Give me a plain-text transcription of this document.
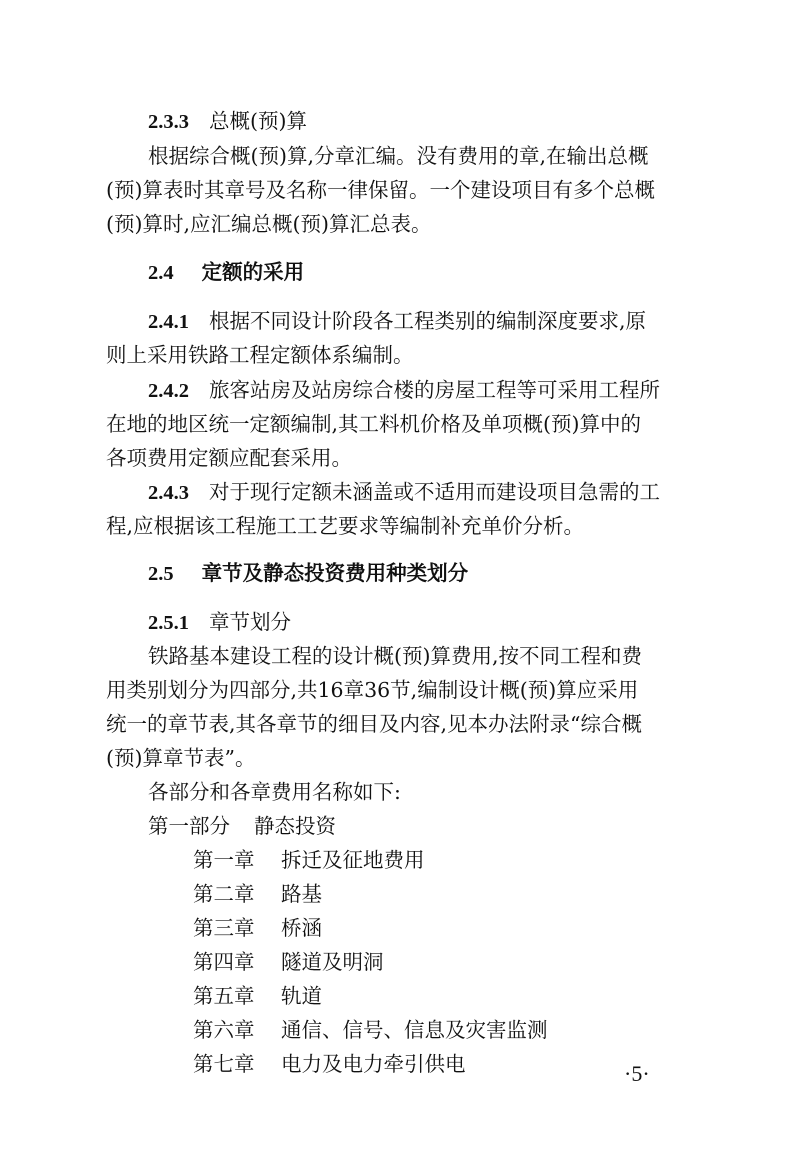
2.3.3 总概(预)算
根据综合概(预)算,分章汇编。没有费用的章,在输出总概
(预)算表时其章号及名称一律保留。一个建设项目有多个总概
(预)算时,应汇编总概(预)算汇总表。
2.4 定额的采用
2.4.1 根据不同设计阶段各工程类别的编制深度要求,原
则上采用铁路工程定额体系编制。
2.4.2 旅客站房及站房综合楼的房屋工程等可采用工程所
在地的地区统一定额编制,其工料机价格及单项概(预)算中的
各项费用定额应配套采用。
2.4.3 对于现行定额未涵盖或不适用而建设项目急需的工
程,应根据该工程施工工艺要求等编制补充单价分析。
2.5 章节及静态投资费用种类划分
2.5.1 章节划分
铁路基本建设工程的设计概(预)算费用,按不同工程和费
用类别划分为四部分,共16章36节,编制设计概(预)算应采用
统一的章节表,其各章节的细目及内容,见本办法附录“综合概
(预)算章节表”。
各部分和各章费用名称如下:
第一部分 静态投资
第一章 拆迁及征地费用
第二章 路基
第三章 桥涵
第四章 隧道及明洞
第五章 轨道
第六章 通信、信号、信息及灾害监测
第七章 电力及电力牵引供电	·5·
